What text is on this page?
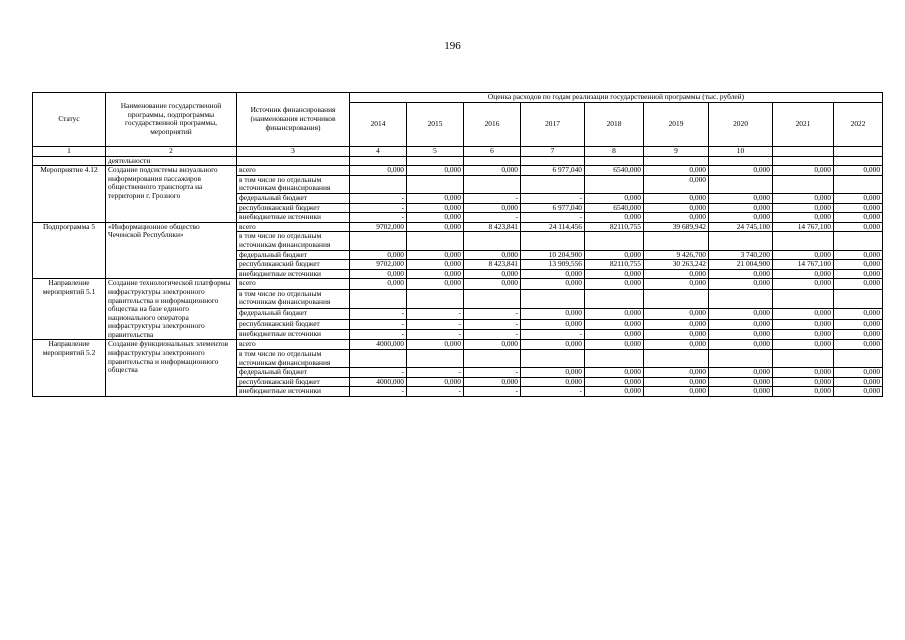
196
Статус	Наименование государственной программы, подпрограммы государственной программы, мероприятий	Источник финансирования (наименования источников финансирования)	Оценка расходов по годам реализации государственной программы (тыс. рублей)								
			2014	2015	2016	2017	2018	2019	2020	2021	2022
1	2	3	4	5	6	7	8	9	10		
	деятельности										
Мероприятие 4.12	Создание подсистемы визуального информирования пассажиров общественного транспорта на территории г. Грозного	всего	0,000	0,000	0,000	6 977,040	6540,000	0,000	0,000	0,000	0,000
		в том числе по отдельным источникам финансирования						0,000			
		федеральный бюджет	-	0,000	-	-	0,000	0,000	0,000	0,000	0,000
		республиканский бюджет	-	0,000	0,000	6 977,040	6540,000	0,000	0,000	0,000	0,000
		внебюджетные источники	-	0,000	-	-	0,000	0,000	0,000	0,000	0,000
Подпрограмма 5	«Информационное общество Чеченской Республики»	всего	9702,000	0,000	8 423,841	24 114,456	82110,755	39 689,942	24 745,100	14 767,100	0,000
		в том числе по отдельным источникам финансирования									
		федеральный бюджет	0,000	0,000	0,000	10 204,900	0,000	9 426,700	3 740,200	0,000	0,000
		республиканский бюджет	9702,000	0,000	8 423,841	13 909,556	82110,755	30 263,242	21 004,900	14 767,100	0,000
		внебюджетные источники	0,000	0,000	0,000	0,000	0,000	0,000	0,000	0,000	0,000
Направление мероприятий 5.1	Создание технологической платформы инфраструктуры электронного правительства и информационного общества на базе единого национального оператора инфраструктуры электронного правительства	всего	0,000	0,000	0,000	0,000	0,000	0,000	0,000	0,000	0,000
		в том числе по отдельным источникам финансирования									
		федеральный бюджет	-	-	-	0,000	0,000	0,000	0,000	0,000	0,000
		республиканский бюджет	-	-	-	0,000	0,000	0,000	0,000	0,000	0,000
		внебюджетные источники	-	-	-	-	0,000	0,000	0,000	0,000	0,000
Направление мероприятий 5.2	Создание функциональных элементов инфраструктуры электронного правительства и информационного общества	всего	4000,000	0,000	0,000	0,000	0,000	0,000	0,000	0,000	0,000
		в том числе по отдельным источникам финансирования									
		федеральный бюджет	-	-	-	0,000	0,000	0,000	0,000	0,000	0,000
		республиканский бюджет	4000,000	0,000	0,000	0,000	0,000	0,000	0,000	0,000	0,000
		внебюджетные источники	-	-	-	-	0,000	0,000	0,000	0,000	0,000
